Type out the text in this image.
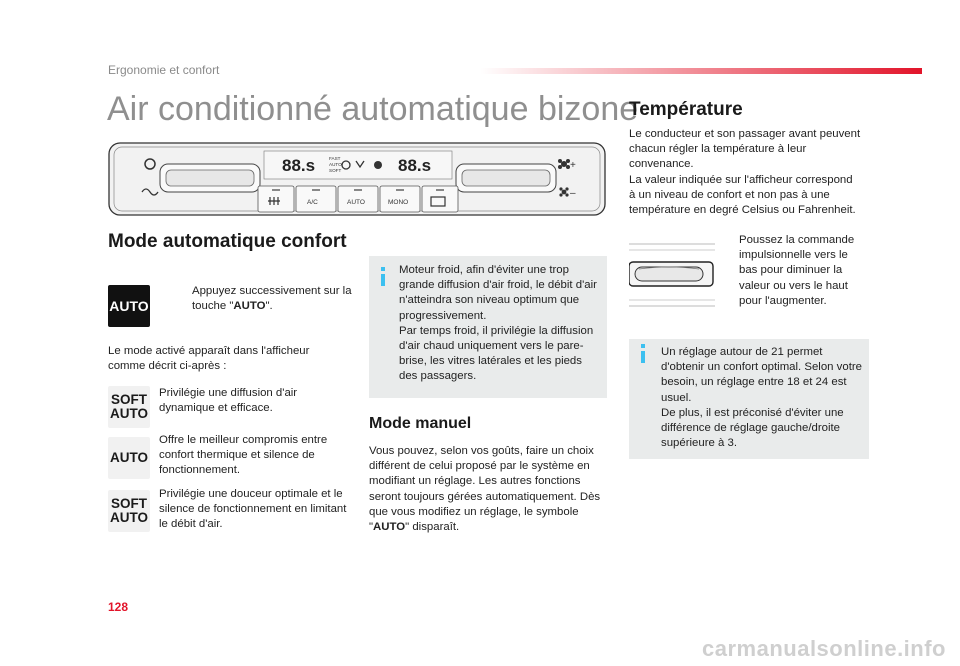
Ergonomie et confort
Air conditionné automatique bizone
88.s	88.s
FAST
AUTO
SOFT
A/C	AUTO	MONO
+
–
Mode automatique confort
AUTO
Appuyez successivement sur la touche "AUTO".
Le mode activé apparaît dans l'afficheur comme décrit ci-après :
SOFT
AUTO
Privilégie une diffusion d'air dynamique et efficace.
AUTO
Offre le meilleur compromis entre confort thermique et silence de fonctionnement.
SOFT
AUTO
Privilégie une douceur optimale et le silence de fonctionnement en limitant le débit d'air.
Moteur froid, afin d'éviter une trop grande diffusion d'air froid, le débit d'air n'atteindra son niveau optimum que progressivement.
Par temps froid, il privilégie la diffusion d'air chaud uniquement vers le pare-brise, les vitres latérales et les pieds des passagers.
Mode manuel
Vous pouvez, selon vos goûts, faire un choix différent de celui proposé par le système en modifiant un réglage. Les autres fonctions seront toujours gérées automatiquement. Dès que vous modifiez un réglage, le symbole "AUTO" disparaît.
Température
Le conducteur et son passager avant peuvent chacun régler la température à leur convenance.
La valeur indiquée sur l'afficheur correspond à un niveau de confort et non pas à une température en degré Celsius ou Fahrenheit.
Poussez la commande impulsionnelle vers le bas pour diminuer la valeur ou vers le haut pour l'augmenter.
Un réglage autour de 21 permet d'obtenir un confort optimal. Selon votre besoin, un réglage entre 18 et 24 est usuel.
De plus, il est préconisé d'éviter une différence de réglage gauche/droite supérieure à 3.
128
carmanualsonline.info
